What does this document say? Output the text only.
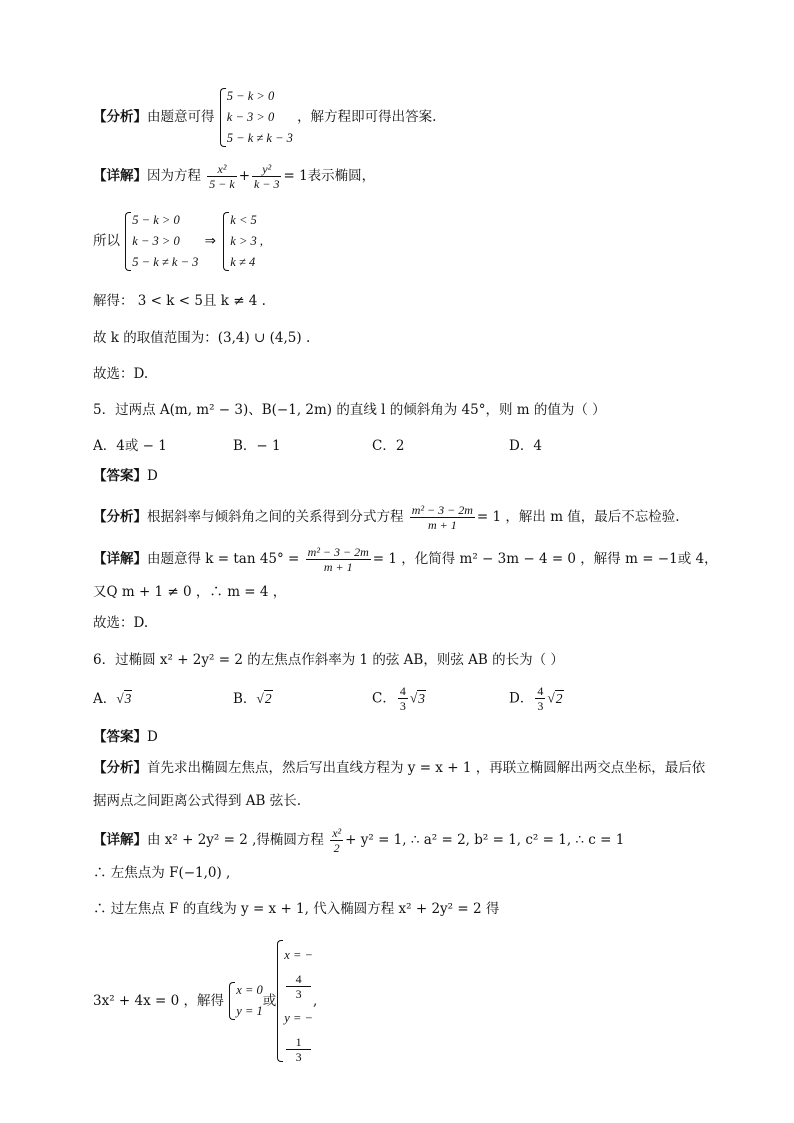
【分析】由题意可得
5 − k > 0
k − 3 > 0
5 − k ≠ k − 3
，解方程即可得出答案.
【详解】因为方程 $\frac{\text{x²}}{5 - k} + \frac{\text{y²}}{k - 3} = 1$表示椭圆，
所以
5 − k > 0
k − 3 > 0
5 − k ≠ k − 3
⇒
k < 5
k > 3 ,
k ≠ 4
解得： 3 < k < 5且 k ≠ 4 .
故 k 的取值范围为：(3,4) ∪ (4,5) .
故选：D.
5．过两点 A(m, m² − 3)、B(−1, 2m) 的直线 l 的倾斜角为 45°，则 m 的值为（ ）
A．4或 − 1	B．− 1	C．2	D．4
【答案】D
【分析】根据斜率与倾斜角之间的关系得到分式方程 $\frac{\text{m² − 3 − 2m}}{m + 1} = 1$ ，解出 m 值，最后不忘检验.
【详解】由题意得 $k = \tan 45^\circ = \frac{\text{m² − 3 − 2m}}{m + 1} = 1$ ，化简得 m² − 3m − 4 = 0 ，解得 m = −1或 4，
又Q m + 1 ≠ 0 ，∴ m = 4 ，
故选：D.
6．过椭圆 x² + 2y² = 2 的左焦点作斜率为 1 的弦 AB，则弦 AB 的长为（ ）
A．√3	B．√2	C． $\frac{4}{3} √3$	D． $\frac{4}{3} √2$
【答案】D
【分析】首先求出椭圆左焦点，然后写出直线方程为 y = x + 1 ，再联立椭圆解出两交点坐标，最后依
据两点之间距离公式得到 AB 弦长.
【详解】由 x² + 2y² = 2 ,得椭圆方程 $\frac{\text{x²}}{2} + y^2 = 1$, ∴ a² = 2, b² = 1, c² = 1, ∴ c = 1
∴ 左焦点为 F(−1,0) ,
∴ 过左焦点 F 的直线为 y = x + 1, 代入椭圆方程 x² + 2y² = 2 得
3x² + 4x = 0 ，解得
x = 0
y = 1
或
x = −
4
3
y = −
1
3
,
